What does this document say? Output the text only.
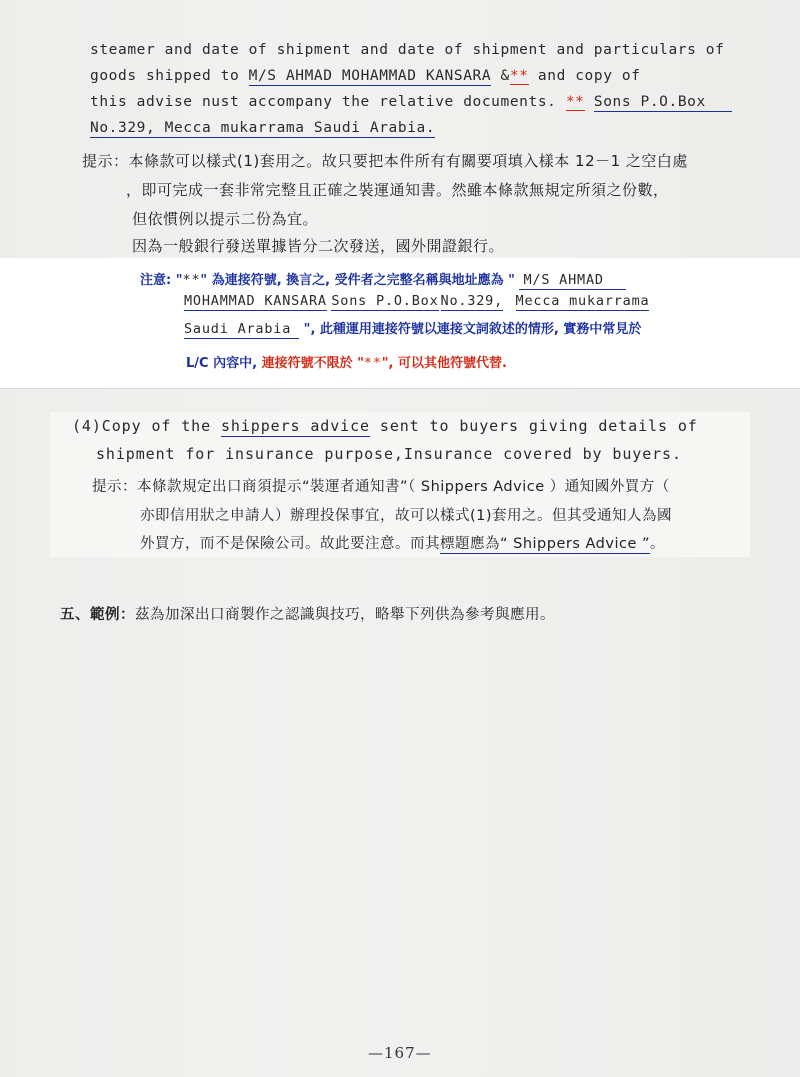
steamer and date of shipment and date of shipment and particulars of
goods shipped to M/S AHMAD MOHAMMAD KANSARA &** and copy of
this advise nust accompany the relative documents. ** Sons P.O.Box
No.329, Mecca mukarrama Saudi Arabia.
提示：本條款可以樣式(1)套用之。故只要把本件所有有關要項填入樣本 12－1 之空白處
，即可完成一套非常完整且正確之裝運通知書。然雖本條款無規定所須之份數，
但依慣例以提示二份為宜。
因為一般銀行發送單據皆分二次發送，國外開證銀行。
注意: "**" 為連接符號, 換言之, 受件者之完整名稱與地址應為 " M/S AHMAD
MOHAMMAD KANSARA Sons P.O.Box No.329, Mecca mukarrama
Saudi Arabia ", 此種運用連接符號以連接文詞敘述的情形, 實務中常見於
L/C 內容中, 連接符號不限於 "**", 可以其他符號代替.
(4)Copy of the shippers advice sent to buyers giving details of
shipment for insurance purpose,Insurance covered by buyers.
提示：本條款規定出口商須提示“裝運者通知書”（ Shippers Advice ）通知國外買方（
亦即信用狀之申請人）辦理投保事宜，故可以樣式(1)套用之。但其受通知人為國
外買方，而不是保險公司。故此要注意。而其標題應為“ Shippers Advice ”。
五、範例：茲為加深出口商製作之認識與技巧，略舉下列供為參考與應用。
—167—
